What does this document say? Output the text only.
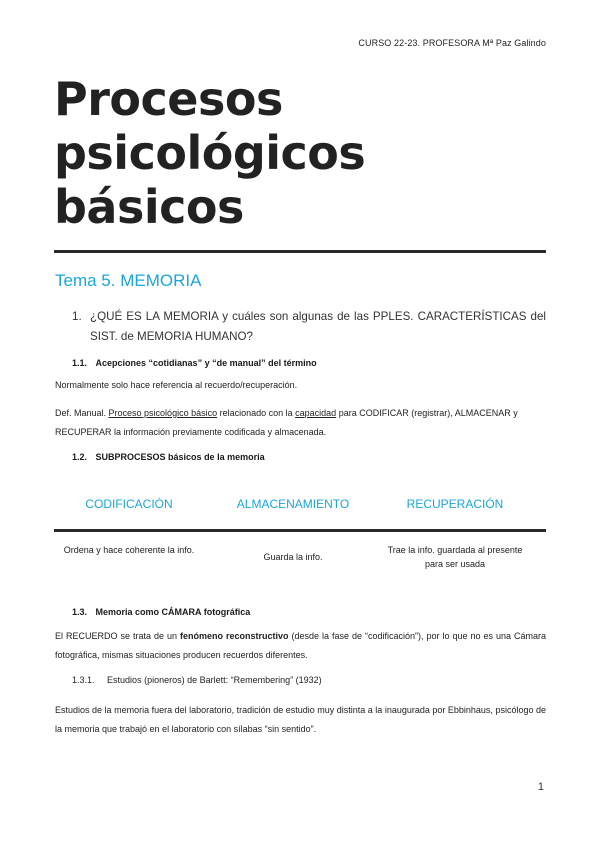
CURSO 22-23. PROFESORA Mª Paz Galindo
Procesos
psicológicos
básicos
Tema 5. MEMORIA
1. ¿QUÉ ES LA MEMORIA y cuáles son algunas de las PPLES. CARACTERÍSTICAS del SIST. de MEMORIA HUMANO?
1.1. Acepciones “cotidianas” y “de manual” del término
Normalmente solo hace referencia al recuerdo/recuperación.
Def. Manual. Proceso psicológico básico relacionado con la capacidad para CODIFICAR (registrar), ALMACENAR y RECUPERAR la información previamente codificada y almacenada.
1.2. SUBPROCESOS básicos de la memoria
CODIFICACIÓN	ALMACENAMIENTO	RECUPERACIÓN
Ordena y hace coherente la info.
Guarda la info.
Trae la info. guardada al presente para ser usada
1.3. Memoria como CÁMARA fotográfica
El RECUERDO se trata de un fenómeno reconstructivo (desde la fase de “codificación”), por lo que no es una Cámara fotográfica, mismas situaciones producen recuerdos diferentes.
1.3.1. Estudios (pioneros) de Barlett: “Remembering” (1932)
Estudios de la memoria fuera del laboratorio, tradición de estudio muy distinta a la inaugurada por Ebbinhaus, psicólogo de la memoria que trabajó en el laboratorio con sílabas “sin sentido”.
1
